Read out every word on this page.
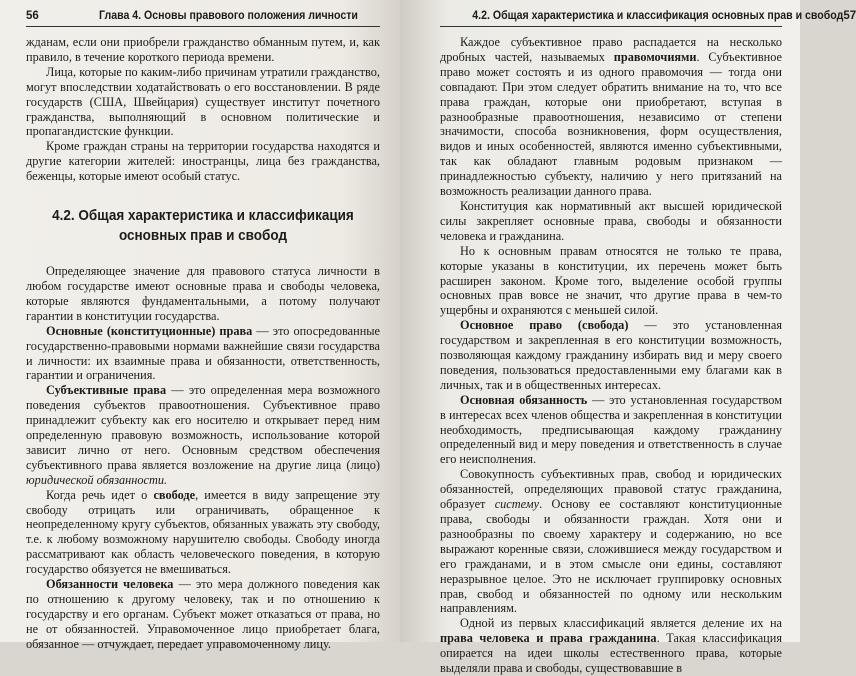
56	Глава 4. Основы правового положения личности

жданам, если они приобрели гражданство обманным путем, и, как правило, в течение короткого периода времени.

Лица, которые по каким-либо причинам утратили гражданство, могут впоследствии ходатайствовать о его восстановлении. В ряде государств (США, Швейцария) существует институт почетного гражданства, выполняющий в основном политические и пропагандистские функции.

Кроме граждан страны на территории государства находятся и другие категории жителей: иностранцы, лица без гражданства, беженцы, которые имеют особый статус.

4.2. Общая характеристика и классификация основных прав и свобод

Определяющее значение для правового статуса личности в любом государстве имеют основные права и свободы человека, которые являются фундаментальными, а потому получают гарантии в конституции государства.

Основные (конституционные) права — это опосредованные государственно-правовыми нормами важнейшие связи государства и личности: их взаимные права и обязанности, ответственность, гарантии и ограничения.

Субъективные права — это определенная мера возможного поведения субъектов правоотношения. Субъективное право принадлежит субъекту как его носителю и открывает перед ним определенную правовую возможность, использование которой зависит лично от него. Основным средством обеспечения субъективного права является возложение на другие лица (лицо) юридической обязанности.

Когда речь идет о свободе, имеется в виду запрещение эту свободу отрицать или ограничивать, обращенное к неопределенному кругу субъектов, обязанных уважать эту свободу, т.е. к любому возможному нарушителю свободы. Свободу иногда рассматривают как область человеческого поведения, в которую государство обязуется не вмешиваться.

Обязанности человека — это мера должного поведения как по отношению к другому человеку, так и по отношению к государству и его органам. Субъект может отказаться от права, но не от обязанностей. Управомоченное лицо приобретает блага, обязанное — отчуждает, передает управомоченному лицу.

4.2. Общая характеристика и классификация основных прав и свобод 57

Каждое субъективное право распадается на несколько дробных частей, называемых правомочиями. Субъективное право может состоять и из одного правомочия — тогда они совпадают. При этом следует обратить внимание на то, что все права граждан, которые они приобретают, вступая в разнообразные правоотношения, независимо от степени значимости, способа возникновения, форм осуществления, видов и иных особенностей, являются именно субъективными, так как обладают главным родовым признаком — принадлежностью субъекту, наличию у него притязаний на возможность реализации данного права.

Конституция как нормативный акт высшей юридической силы закрепляет основные права, свободы и обязанности человека и гражданина.

Но к основным правам относятся не только те права, которые указаны в конституции, их перечень может быть расширен законом. Кроме того, выделение особой группы основных прав вовсе не значит, что другие права в чем-то ущербны и охраняются с меньшей силой.

Основное право (свобода) — это установленная государством и закрепленная в его конституции возможность, позволяющая каждому гражданину избирать вид и меру своего поведения, пользоваться предоставленными ему благами как в личных, так и в общественных интересах.

Основная обязанность — это установленная государством в интересах всех членов общества и закрепленная в конституции необходимость, предписывающая каждому гражданину определенный вид и меру поведения и ответственность в случае его неисполнения.

Совокупность субъективных прав, свобод и юридических обязанностей, определяющих правовой статус гражданина, образует систему. Основу ее составляют конституционные права, свободы и обязанности граждан. Хотя они и разнообразны по своему характеру и содержанию, но все выражают коренные связи, сложившиеся между государством и его гражданами, и в этом смысле они едины, составляют неразрывное целое. Это не исключает группировку основных прав, свобод и обязанностей по одному или нескольким направлениям.

Одной из первых классификаций является деление их на права человека и права гражданина. Такая классификация опирается на идеи школы естественного права, которые выделяли права и свободы, существовавшие в
